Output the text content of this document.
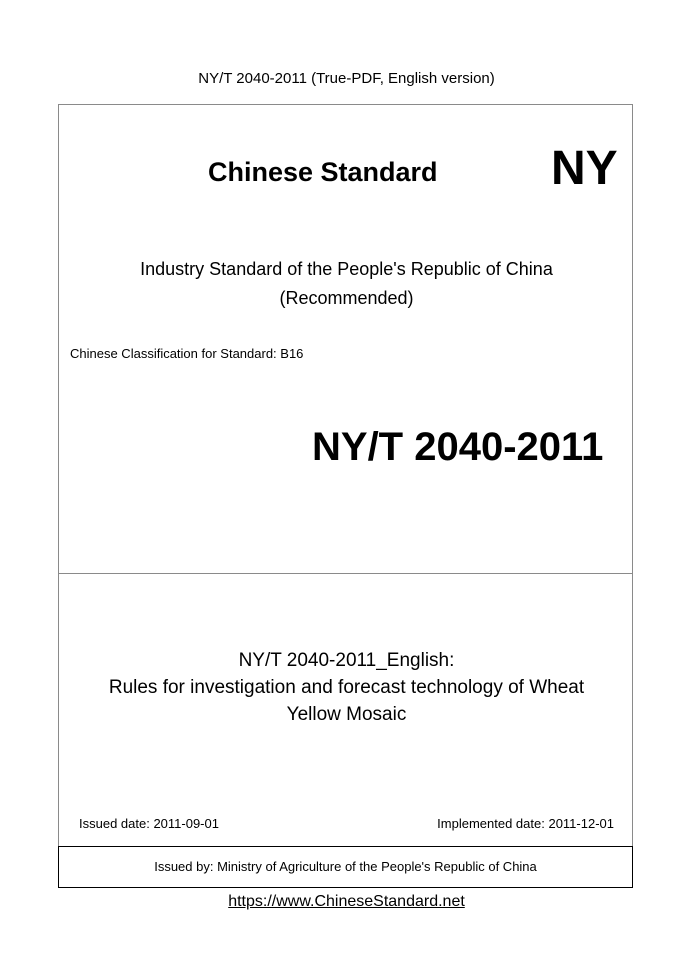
NY/T 2040-2011 (True-PDF, English version)
Chinese Standard NY
Industry Standard of the People's Republic of China
(Recommended)
Chinese Classification for Standard: B16
NY/T 2040-2011
NY/T 2040-2011_English:
Rules for investigation and forecast technology of Wheat
Yellow Mosaic
Issued date: 2011-09-01	Implemented date: 2011-12-01
Issued by: Ministry of Agriculture of the People's Republic of China
https://www.ChineseStandard.net
